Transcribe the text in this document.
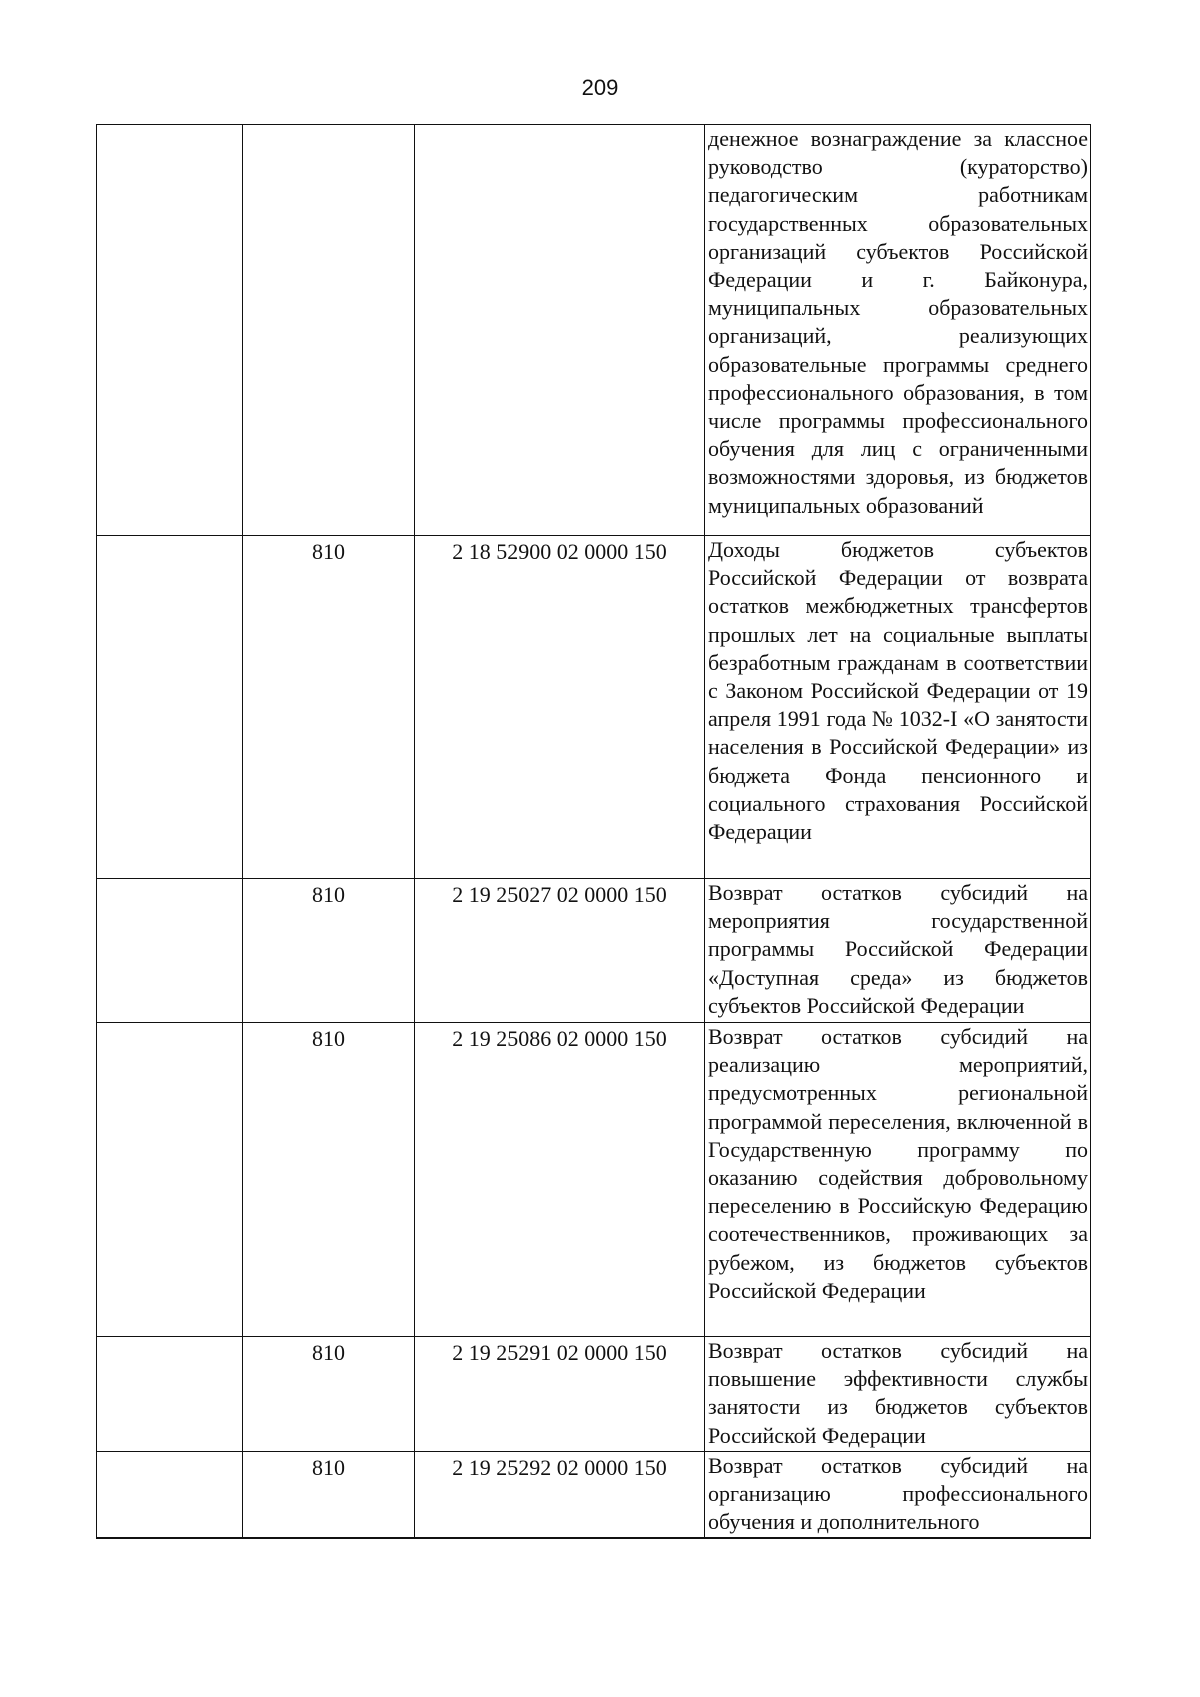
209
			денежное вознаграждение за классное руководство (кураторство) педагогическим работникам государственных образовательных организаций субъектов Российской Федерации и г. Байконура, муниципальных образовательных организаций, реализующих образовательные программы среднего профессионального образования, в том числе программы профессионального обучения для лиц с ограниченными возможностями здоровья, из бюджетов муниципальных образований
	810	2 18 52900 02 0000 150	Доходы бюджетов субъектов Российской Федерации от возврата остатков межбюджетных трансфертов прошлых лет на социальные выплаты безработным гражданам в соответствии с Законом Российской Федерации от 19 апреля 1991 года № 1032-I «О занятости населения в Российской Федерации» из бюджета Фонда пенсионного и социального страхования Российской Федерации
	810	2 19 25027 02 0000 150	Возврат остатков субсидий на мероприятия государственной программы Российской Федерации «Доступная среда» из бюджетов субъектов Российской Федерации
	810	2 19 25086 02 0000 150	Возврат остатков субсидий на реализацию мероприятий, предусмотренных региональной программой переселения, включенной в Государственную программу по оказанию содействия добровольному переселению в Российскую Федерацию соотечественников, проживающих за рубежом, из бюджетов субъектов Российской Федерации
	810	2 19 25291 02 0000 150	Возврат остатков субсидий на повышение эффективности службы занятости из бюджетов субъектов Российской Федерации
	810	2 19 25292 02 0000 150	Возврат остатков субсидий на организацию профессионального обучения и дополнительного
